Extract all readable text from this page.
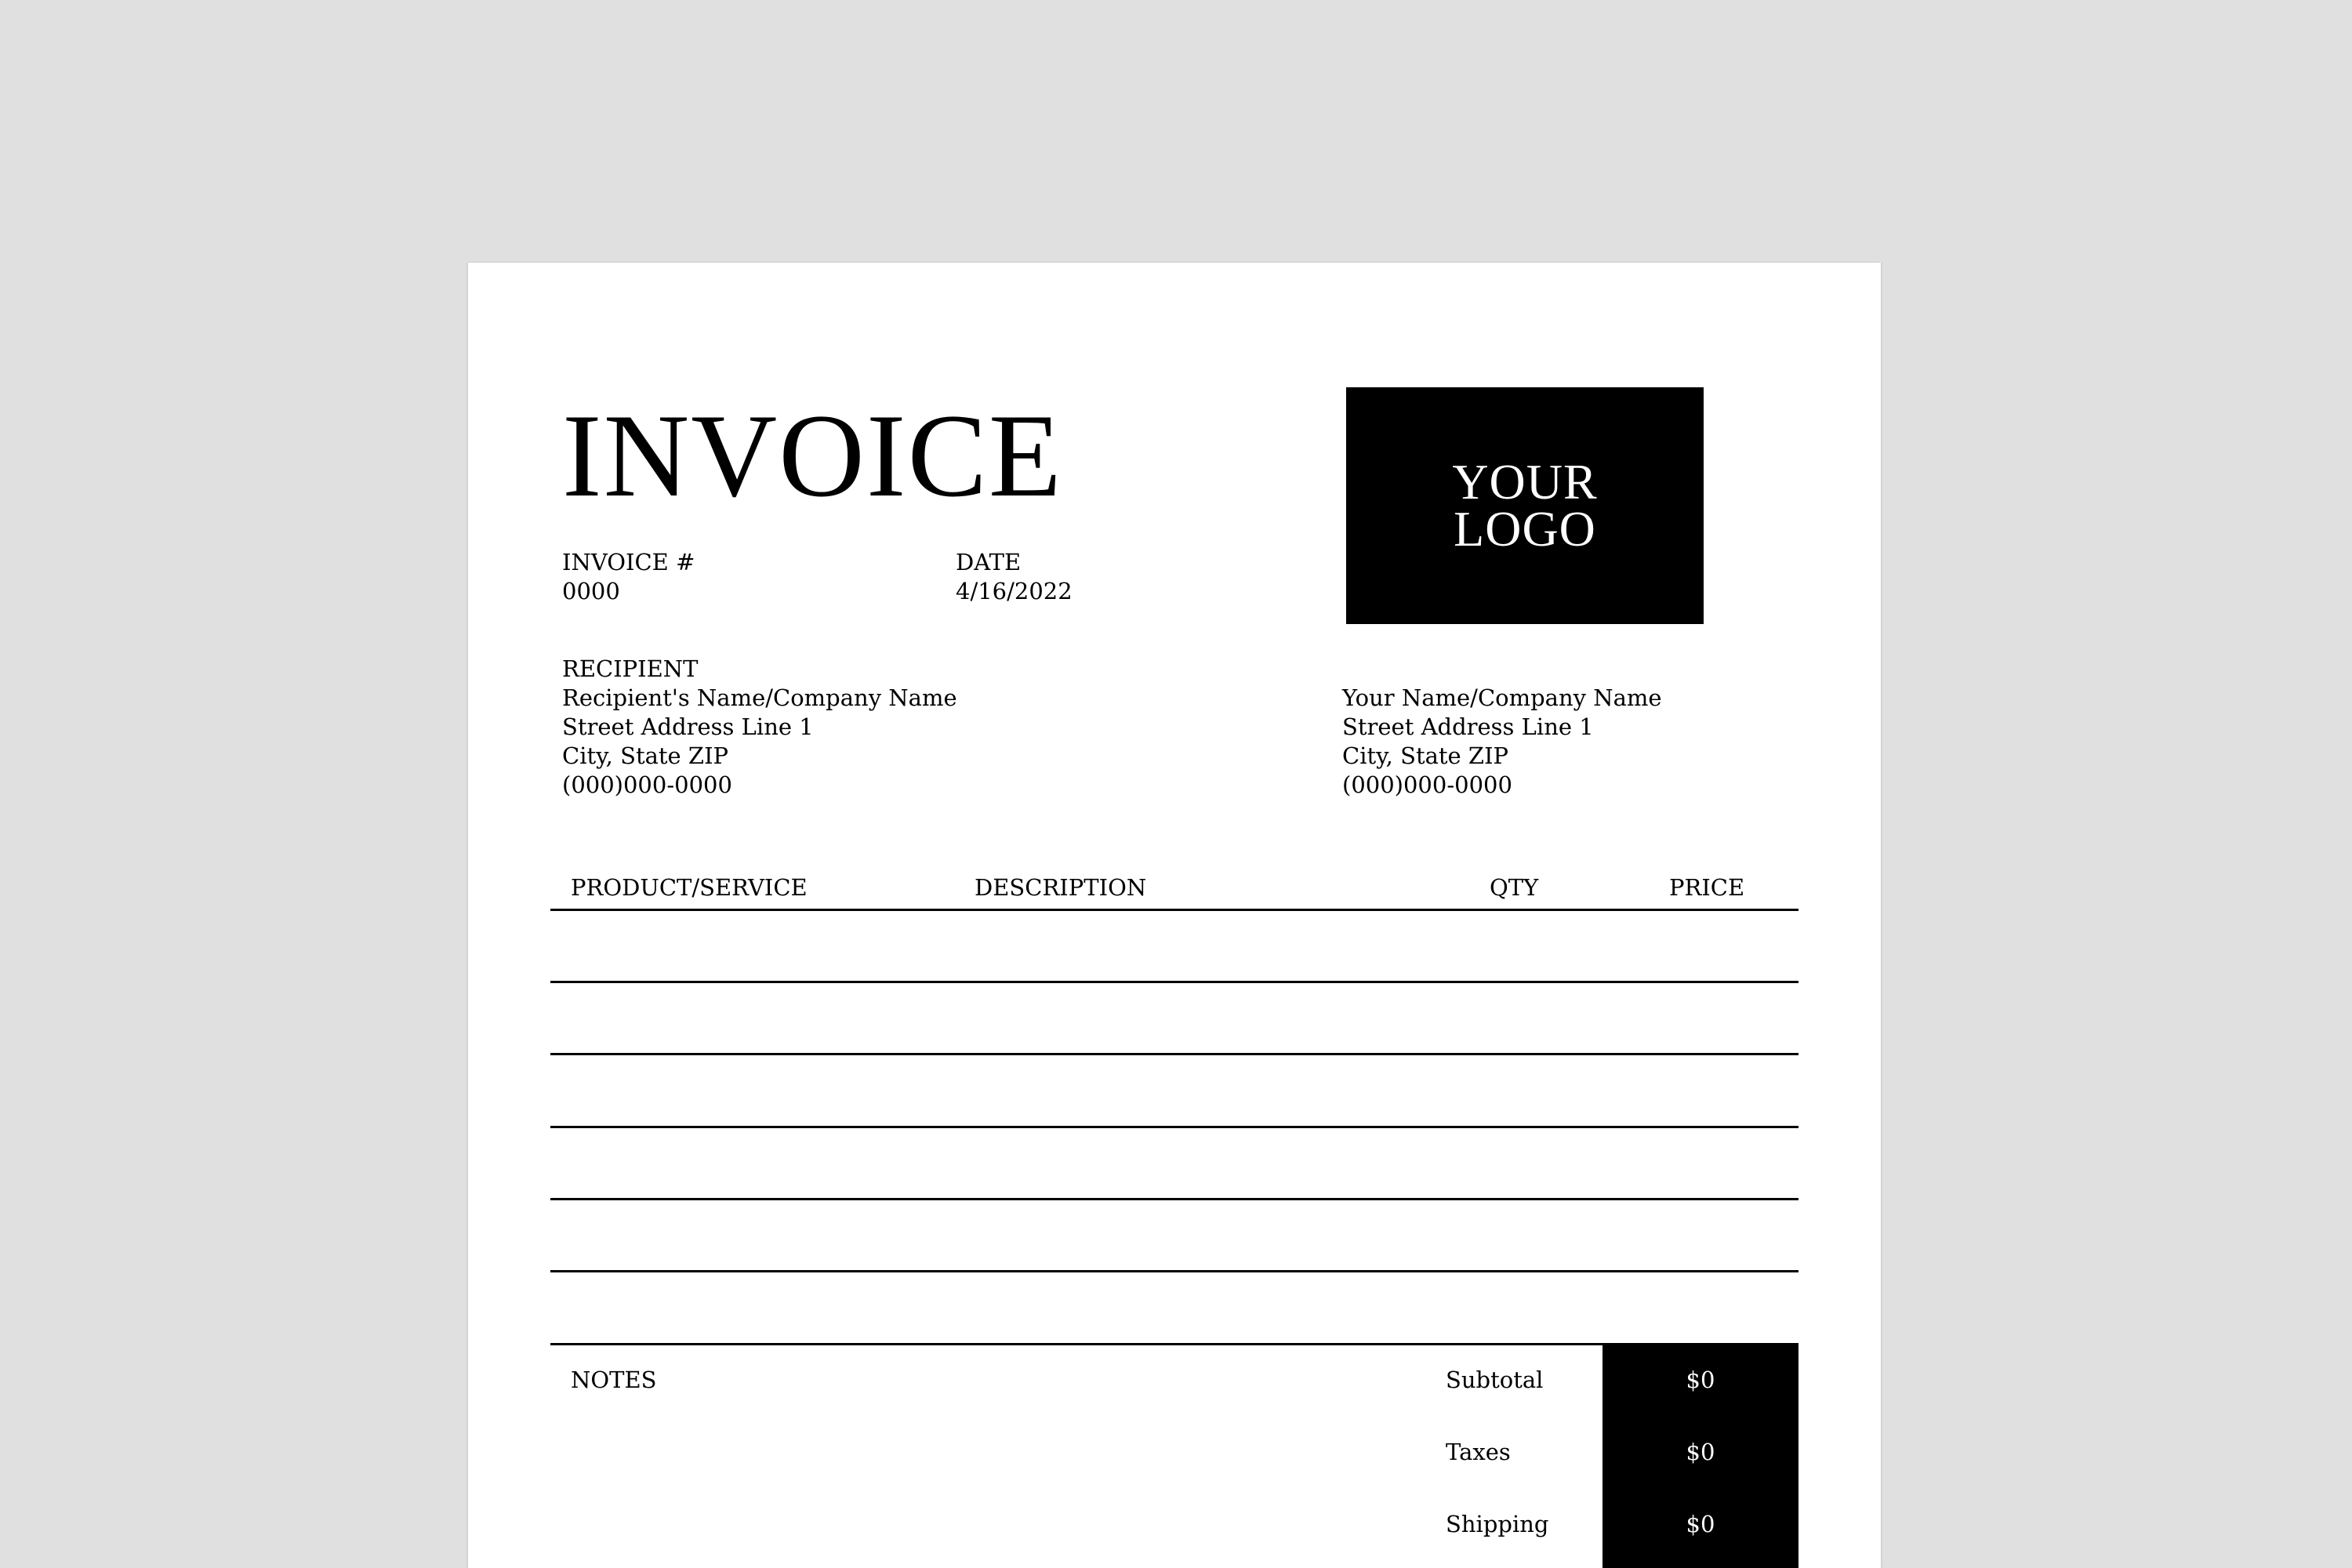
INVOICE
INVOICE #
0000
DATE
4/16/2022
YOUR
LOGO
RECIPIENT
Recipient's Name/Company Name
Street Address Line 1
City, State ZIP
(000)000-0000
Your Name/Company Name
Street Address Line 1
City, State ZIP
(000)000-0000
PRODUCT/SERVICE	DESCRIPTION	QTY	PRICE
NOTES	Subtotal	$0
Taxes	$0
Shipping	$0
